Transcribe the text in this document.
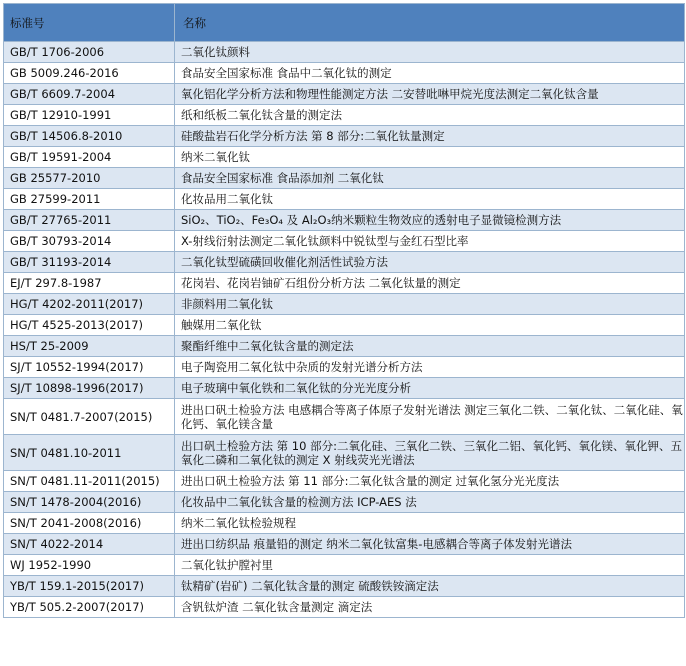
标准号	名称
GB/T 1706-2006	二氧化钛颜料
GB 5009.246-2016	食品安全国家标准 食品中二氧化钛的测定
GB/T 6609.7-2004	氧化铝化学分析方法和物理性能测定方法 二安替吡啉甲烷光度法测定二氧化钛含量
GB/T 12910-1991	纸和纸板二氧化钛含量的测定法
GB/T 14506.8-2010	硅酸盐岩石化学分析方法 第 8 部分:二氧化钛量测定
GB/T 19591-2004	纳米二氧化钛
GB 25577-2010	食品安全国家标准 食品添加剂 二氧化钛
GB 27599-2011	化妆品用二氧化钛
GB/T 27765-2011	SiO₂、TiO₂、Fe₃O₄ 及 Al₂O₃纳米颗粒生物效应的透射电子显微镜检测方法
GB/T 30793-2014	X-射线衍射法测定二氧化钛颜料中锐钛型与金红石型比率
GB/T 31193-2014	二氧化钛型硫磺回收催化剂活性试验方法
EJ/T 297.8-1987	花岗岩、花岗岩铀矿石组份分析方法 二氧化钛量的测定
HG/T 4202-2011(2017)	非颜料用二氧化钛
HG/T 4525-2013(2017)	触媒用二氧化钛
HS/T 25-2009	聚酯纤维中二氧化钛含量的测定法
SJ/T 10552-1994(2017)	电子陶瓷用二氧化钛中杂质的发射光谱分析方法
SJ/T 10898-1996(2017)	电子玻璃中氧化铁和二氧化钛的分光光度分析
SN/T 0481.7-2007(2015)	进出口矾土检验方法 电感耦合等离子体原子发射光谱法 测定三氧化二铁、二氧化钛、二氧化硅、氧化钙、氧化镁含量
SN/T 0481.10-2011	出口矾土检验方法 第 10 部分:二氧化硅、三氧化二铁、三氧化二铝、氧化钙、氧化镁、氧化钾、五氧化二磷和二氧化钛的测定 X 射线荧光光谱法
SN/T 0481.11-2011(2015)	进出口矾土检验方法 第 11 部分:二氧化钛含量的测定 过氧化氢分光光度法
SN/T 1478-2004(2016)	化妆品中二氧化钛含量的检测方法 ICP-AES 法
SN/T 2041-2008(2016)	纳米二氧化钛检验规程
SN/T 4022-2014	进出口纺织品 痕量铅的测定 纳米二氧化钛富集-电感耦合等离子体发射光谱法
WJ 1952-1990	二氧化钛护膛衬里
YB/T 159.1-2015(2017)	钛精矿(岩矿) 二氧化钛含量的测定 硫酸铁铵滴定法
YB/T 505.2-2007(2017)	含钒钛炉渣 二氧化钛含量测定 滴定法
